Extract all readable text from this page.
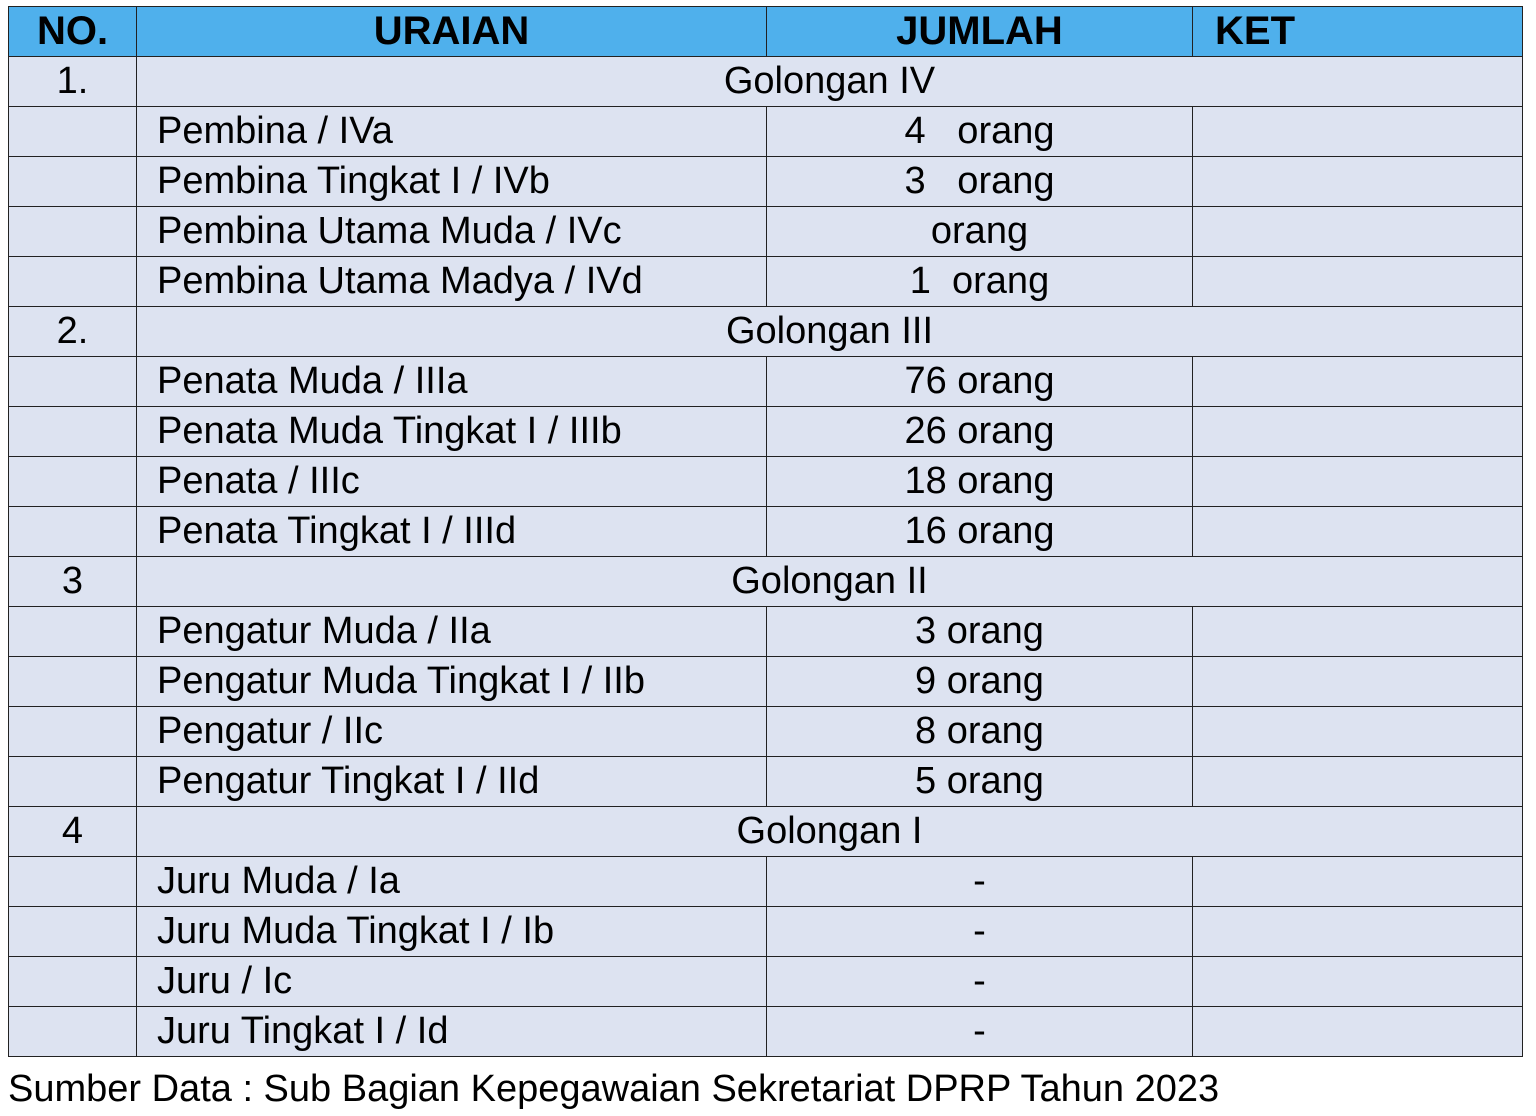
NO.	URAIAN	JUMLAH	KET
1.	Golongan IV		
	Pembina / IVa	4   orang	
	Pembina Tingkat I / IVb	3   orang	
	Pembina Utama Muda / IVc	orang	
	Pembina Utama Madya / IVd	1  orang	
2.	Golongan III		
	Penata Muda / IIIa	76 orang	
	Penata Muda Tingkat I / IIIb	26 orang	
	Penata / IIIc	18 orang	
	Penata Tingkat I / IIId	16 orang	
3	Golongan II		
	Pengatur Muda / IIa	3 orang	
	Pengatur Muda Tingkat I / IIb	9 orang	
	Pengatur / IIc	8 orang	
	Pengatur Tingkat I / IId	5 orang	
4	Golongan I		
	Juru Muda / Ia	-	
	Juru Muda Tingkat I / Ib	-	
	Juru / Ic	-	
	Juru Tingkat I / Id	-	
Sumber Data : Sub Bagian Kepegawaian Sekretariat DPRP Tahun 2023
